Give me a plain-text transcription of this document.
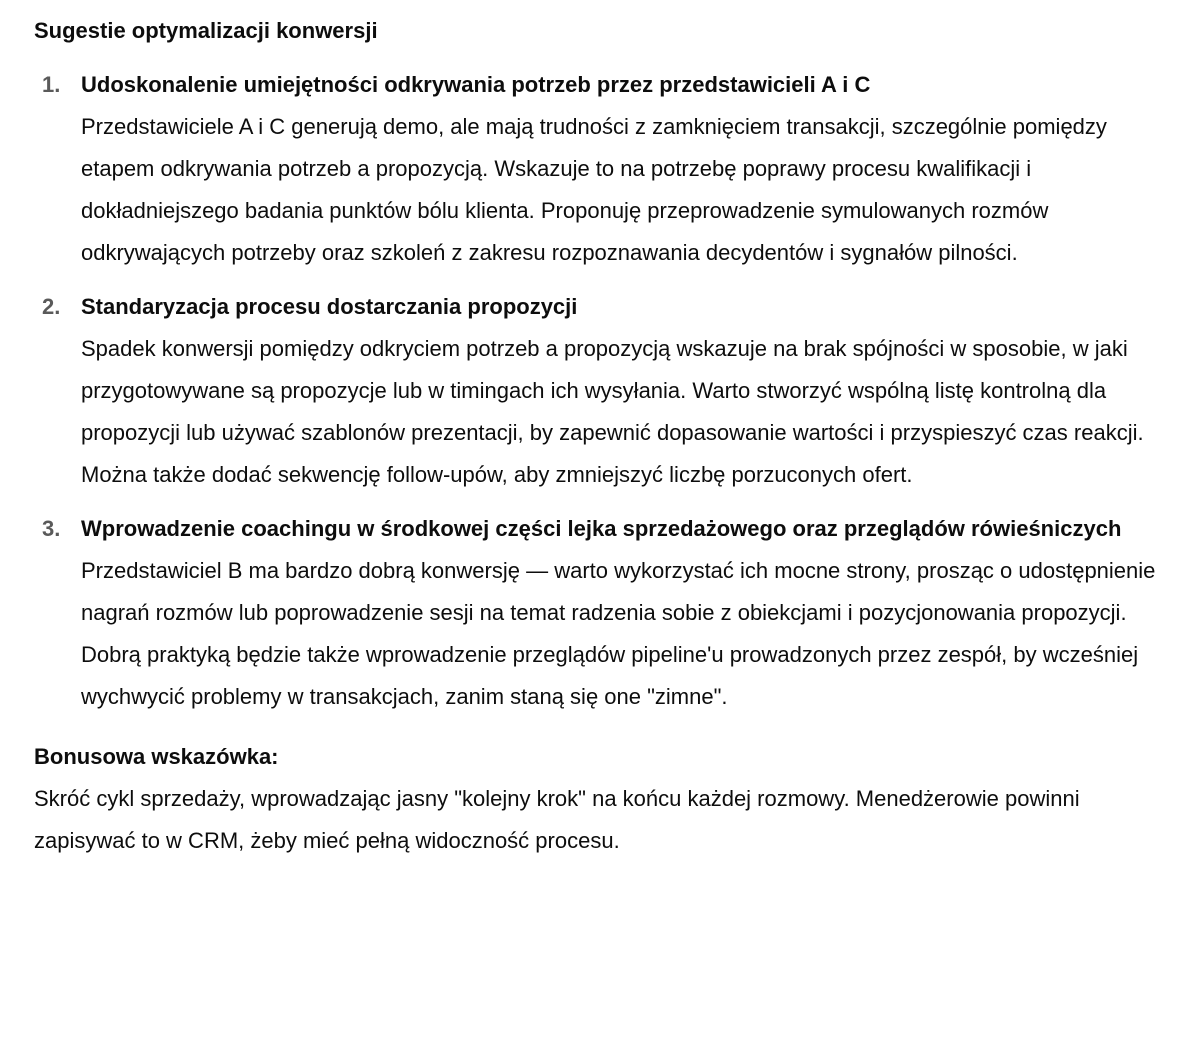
Sugestie optymalizacji konwersji

1. Udoskonalenie umiejętności odkrywania potrzeb przez przedstawicieli A i C
Przedstawiciele A i C generują demo, ale mają trudności z zamknięciem transakcji, szczególnie pomiędzy etapem odkrywania potrzeb a propozycją. Wskazuje to na potrzebę poprawy procesu kwalifikacji i dokładniejszego badania punktów bólu klienta. Proponuję przeprowadzenie symulowanych rozmów odkrywających potrzeby oraz szkoleń z zakresu rozpoznawania decydentów i sygnałów pilności.
2. Standaryzacja procesu dostarczania propozycji
Spadek konwersji pomiędzy odkryciem potrzeb a propozycją wskazuje na brak spójności w sposobie, w jaki przygotowywane są propozycje lub w timingach ich wysyłania. Warto stworzyć wspólną listę kontrolną dla propozycji lub używać szablonów prezentacji, by zapewnić dopasowanie wartości i przyspieszyć czas reakcji. Można także dodać sekwencję follow-upów, aby zmniejszyć liczbę porzuconych ofert.
3. Wprowadzenie coachingu w środkowej części lejka sprzedażowego oraz przeglądów rówieśniczych
Przedstawiciel B ma bardzo dobrą konwersję — warto wykorzystać ich mocne strony, prosząc o udostępnienie nagrań rozmów lub poprowadzenie sesji na temat radzenia sobie z obiekcjami i pozycjonowania propozycji. Dobrą praktyką będzie także wprowadzenie przeglądów pipeline'u prowadzonych przez zespół, by wcześniej wychwycić problemy w transakcjach, zanim staną się one "zimne".
Bonusowa wskazówka:
Skróć cykl sprzedaży, wprowadzając jasny "kolejny krok" na końcu każdej rozmowy. Menedżerowie powinni zapisywać to w CRM, żeby mieć pełną widoczność procesu.
